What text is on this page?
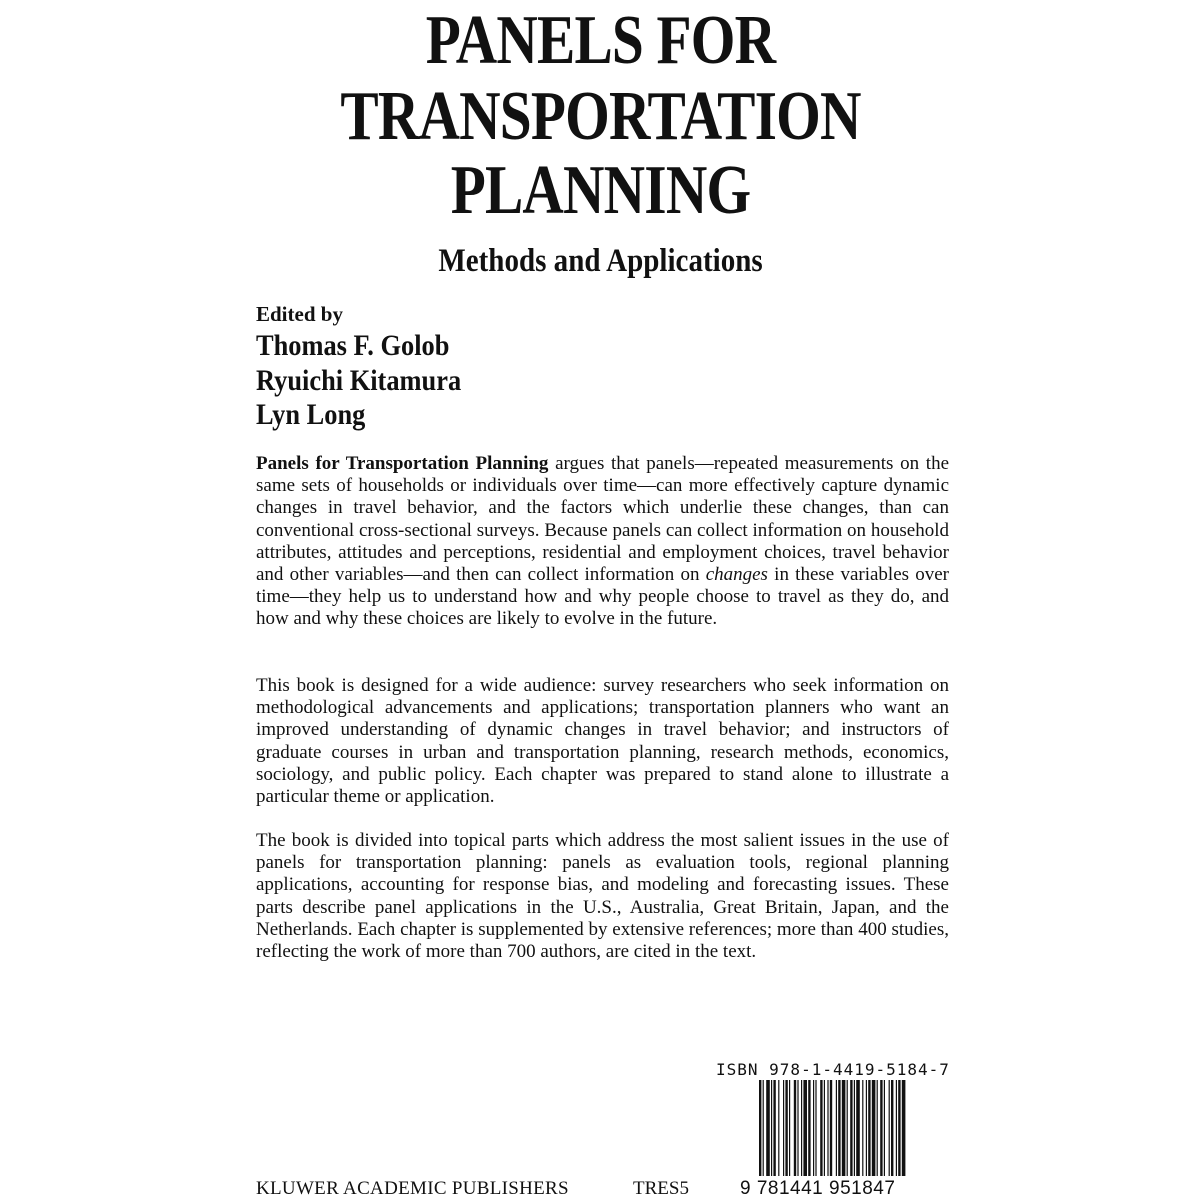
PANELS FOR
TRANSPORTATION
PLANNING
Methods and Applications
Edited by
Thomas F. Golob
Ryuichi Kitamura
Lyn Long

Panels for Transportation Planning argues that panels—repeated measurements on the same sets of households or individuals over time—can more effectively capture dynamic changes in travel behavior, and the factors which underlie these changes, than can conventional cross-sectional surveys. Because panels can collect information on household attributes, attitudes and perceptions, residential and employment choices, travel behavior and other variables—and then can collect information on changes in these variables over time—they help us to understand how and why people choose to travel as they do, and how and why these choices are likely to evolve in the future.

This book is designed for a wide audience: survey researchers who seek information on methodological advancements and applications; transportation planners who want an improved understanding of dynamic changes in travel behavior; and instructors of graduate courses in urban and transportation planning, research methods, economics, sociology, and public policy. Each chapter was prepared to stand alone to illustrate a particular theme or application.

The book is divided into topical parts which address the most salient issues in the use of panels for transportation planning: panels as evaluation tools, regional planning applications, accounting for response bias, and modeling and forecasting issues. These parts describe panel applications in the U.S., Australia, Great Britain, Japan, and the Netherlands. Each chapter is supplemented by extensive references; more than 400 studies, reflecting the work of more than 700 authors, are cited in the text.

ISBN 978-1-4419-5184-7
9 781441 951847
KLUWER ACADEMIC PUBLISHERS	TRES5
